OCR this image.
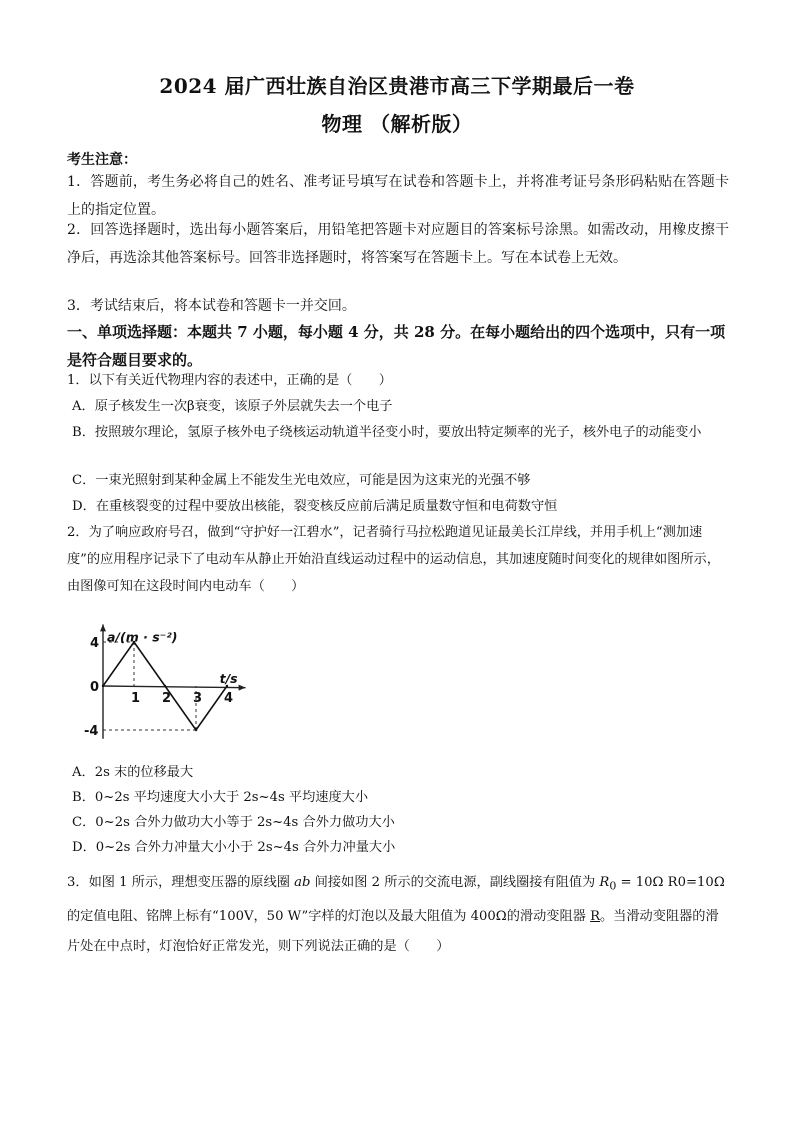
2024 届广西壮族自治区贵港市高三下学期最后一卷
物理 （解析版）
考生注意：
1．答题前，考生务必将自己的姓名、准考证号填写在试卷和答题卡上，并将准考证号条形码粘贴在答题卡上的指定位置。
2．回答选择题时，选出每小题答案后，用铅笔把答题卡对应题目的答案标号涂黑。如需改动，用橡皮擦干净后，再选涂其他答案标号。回答非选择题时，将答案写在答题卡上。写在本试卷上无效。
3．考试结束后，将本试卷和答题卡一并交回。
一、单项选择题：本题共 7 小题，每小题 4 分，共 28 分。在每小题给出的四个选项中，只有一项是符合题目要求的。
1．以下有关近代物理内容的表述中，正确的是（　　）
A．原子核发生一次β衰变，该原子外层就失去一个电子
B．按照玻尔理论，氢原子核外电子绕核运动轨道半径变小时，要放出特定频率的光子，核外电子的动能变小
C．一束光照射到某种金属上不能发生光电效应，可能是因为这束光的光强不够
D．在重核裂变的过程中要放出核能，裂变核反应前后满足质量数守恒和电荷数守恒
2．为了响应政府号召，做到“守护好一江碧水”，记者骑行马拉松跑道见证最美长江岸线，并用手机上“测加速度”的应用程序记录下了电动车从静止开始沿直线运动过程中的运动信息，其加速度随时间变化的规律如图所示，由图像可知在这段时间内电动车（　　）
1 2 3 4
4
0
-4
a/(m · s⁻²)
t/s
A．2s 末的位移最大
B．0~2s 平均速度大小大于 2s~4s 平均速度大小
C．0~2s 合外力做功大小等于 2s~4s 合外力做功大小
D．0~2s 合外力冲量大小小于 2s~4s 合外力冲量大小
3．如图 1 所示，理想变压器的原线圈 ab 间接如图 2 所示的交流电源，副线圈接有阻值为 $R_0 = 10\Omega$ R0=10Ω的定值电阻、铭牌上标有“100V，50 W”字样的灯泡以及最大阻值为 400Ω的滑动变阻器 R。当滑动变阻器的滑片处在中点时，灯泡恰好正常发光，则下列说法正确的是（　　）
